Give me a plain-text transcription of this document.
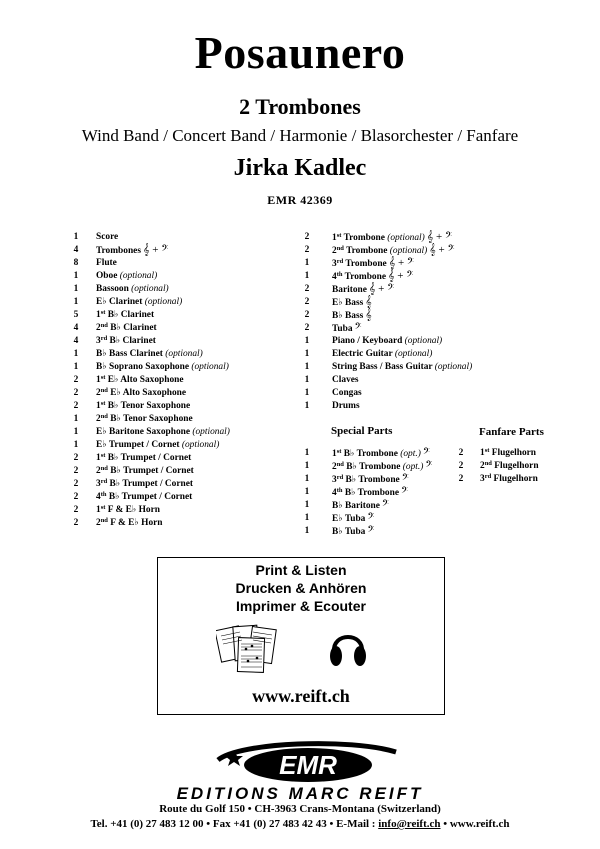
Posaunero
2 Trombones
Wind Band / Concert Band / Harmonie / Blasorchester / Fanfare
Jirka Kadlec
EMR 42369
1 Score
4 Trombones 𝄞 + 𝄢
8 Flute
1 Oboe (optional)
1 Bassoon (optional)
1 E♭ Clarinet (optional)
5 1st B♭ Clarinet
4 2nd B♭ Clarinet
4 3rd B♭ Clarinet
1 B♭ Bass Clarinet (optional)
1 B♭ Soprano Saxophone (optional)
2 1st E♭ Alto Saxophone
2 2nd E♭ Alto Saxophone
2 1st B♭ Tenor Saxophone
1 2nd B♭ Tenor Saxophone
1 E♭ Baritone Saxophone (optional)
1 E♭ Trumpet / Cornet (optional)
2 1st B♭ Trumpet / Cornet
2 2nd B♭ Trumpet / Cornet
2 3rd B♭ Trumpet / Cornet
2 4th B♭ Trumpet / Cornet
2 1st F & E♭ Horn
2 2nd F & E♭ Horn
2 1st Trombone (optional) 𝄞 + 𝄢
2 2nd Trombone (optional) 𝄞 + 𝄢
1 3rd Trombone 𝄞 + 𝄢
1 4th Trombone 𝄞 + 𝄢
2 Baritone 𝄞 + 𝄢
2 E♭ Bass 𝄞
2 B♭ Bass 𝄞
2 Tuba 𝄢
1 Piano / Keyboard (optional)
1 Electric Guitar (optional)
1 String Bass / Bass Guitar (optional)
1 Claves
1 Congas
1 Drums
Special Parts	Fanfare Parts
1 1st B♭ Trombone (opt.) 𝄢
1 2nd B♭ Trombone (opt.) 𝄢
1 3rd B♭ Trombone 𝄢
1 4th B♭ Trombone 𝄢
1 B♭ Baritone 𝄢
1 E♭ Tuba 𝄢
1 B♭ Tuba 𝄢
2 1st Flugelhorn
2 2nd Flugelhorn
2 3rd Flugelhorn
Print & Listen
Drucken & Anhören
Imprimer & Ecouter
www.reift.ch
EMR
EDITIONS MARC REIFT
Route du Golf 150 • CH-3963 Crans-Montana (Switzerland)
Tel. +41 (0) 27 483 12 00 • Fax +41 (0) 27 483 42 43 • E-Mail : info@reift.ch • www.reift.ch
